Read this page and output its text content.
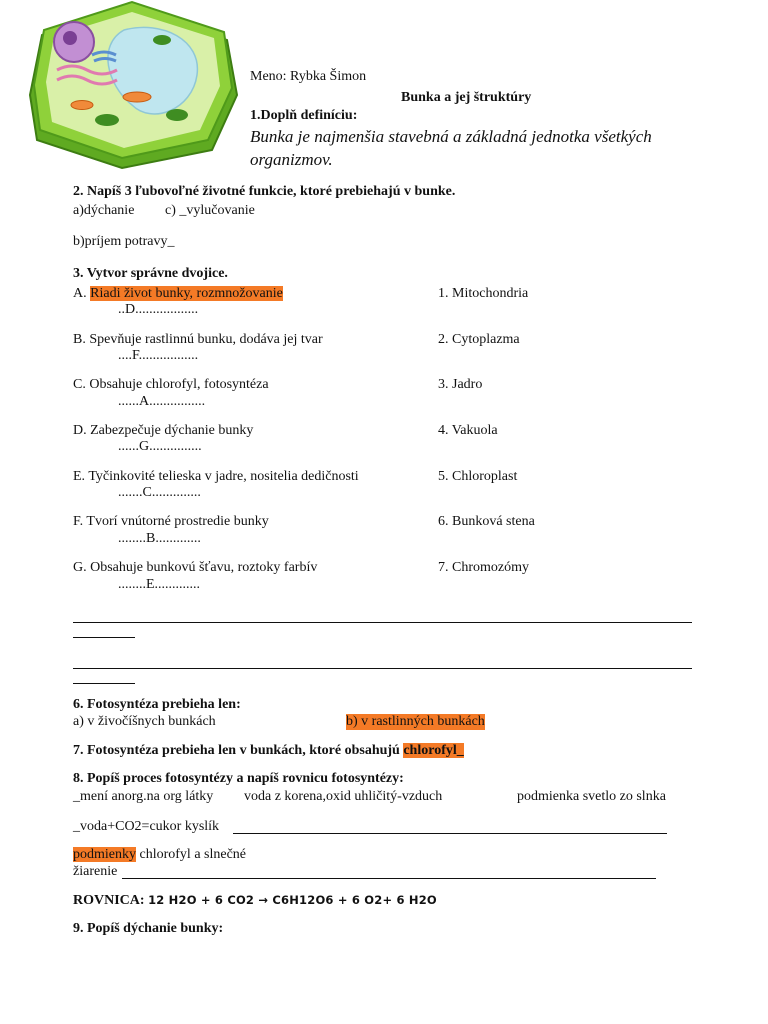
Meno: Rybka Šimon
Bunka a jej štruktúry
1.Doplň definíciu:
Bunka je najmenšia stavebná a základná jednotka všetkých
organizmov.
2. Napíš 3 ľubovoľné životné funkcie, ktoré prebiehajú v bunke.
a)dýchanie c) _vylučovanie
b)príjem potravy_
3. Vytvor správne dvojice.
A. Riadi život bunky, rozmnožovanie
..D..................
1. Mitochondria
B. Spevňuje rastlinnú bunku, dodáva jej tvar
....F.................
2. Cytoplazma
C. Obsahuje chlorofyl, fotosyntéza
......A................
3. Jadro
D. Zabezpečuje dýchanie bunky
......G...............
4. Vakuola
E. Tyčinkovité telieska v jadre, nositelia dedičnosti
.......C..............
5. Chloroplast
F. Tvorí vnútorné prostredie bunky
........B.............
6. Bunková stena
G. Obsahuje bunkovú šťavu, roztoky farbív
........E.............
7. Chromozómy
6. Fotosyntéza prebieha len:
a) v živočíšnych bunkách	b) v rastlinných bunkách
7. Fotosyntéza prebieha len v bunkách, ktoré obsahujú chlorofyl_
8. Popíš proces fotosyntézy a napíš rovnicu fotosyntézy:
_mení anorg.na org látky voda z korena,oxid uhličitý-vzduch	podmienka svetlo zo slnka
_voda+CO2=cukor kyslík
podmienky chlorofyl a slnečné
žiarenie
ROVNICA: 12 H2O + 6 CO2 → C6H12O6 + 6 O2+ 6 H2O
9. Popíš dýchanie bunky:
